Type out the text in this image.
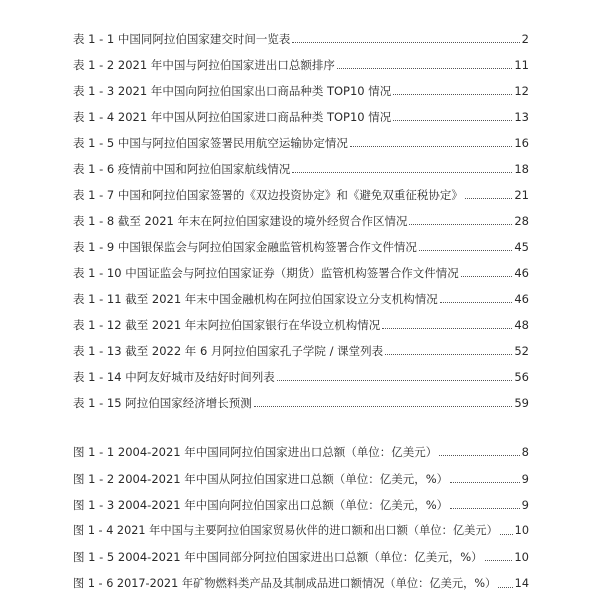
表 1 - 1 中国同阿拉伯国家建交时间一览表	2
表 1 - 2 2021 年中国与阿拉伯国家进出口总额排序	11
表 1 - 3 2021 年中国向阿拉伯国家出口商品种类 TOP10 情况	12
表 1 - 4 2021 年中国从阿拉伯国家进口商品种类 TOP10 情况	13
表 1 - 5 中国与阿拉伯国家签署民用航空运输协定情况	16
表 1 - 6 疫情前中国和阿拉伯国家航线情况	18
表 1 - 7 中国和阿拉伯国家签署的《双边投资协定》和《避免双重征税协定》	21
表 1 - 8 截至 2021 年末在阿拉伯国家建设的境外经贸合作区情况	28
表 1 - 9 中国银保监会与阿拉伯国家金融监管机构签署合作文件情况	45
表 1 - 10 中国证监会与阿拉伯国家证券（期货）监管机构签署合作文件情况	46
表 1 - 11 截至 2021 年末中国金融机构在阿拉伯国家设立分支机构情况	46
表 1 - 12 截至 2021 年末阿拉伯国家银行在华设立机构情况	48
表 1 - 13 截至 2022 年 6 月阿拉伯国家孔子学院 / 课堂列表	52
表 1 - 14 中阿友好城市及结好时间列表	56
表 1 - 15 阿拉伯国家经济增长预测	59
图 1 - 1 2004-2021 年中国同阿拉伯国家进出口总额（单位：亿美元）	8
图 1 - 2 2004-2021 年中国从阿拉伯国家进口总额（单位：亿美元，%）	9
图 1 - 3 2004-2021 年中国向阿拉伯国家出口总额（单位：亿美元，%）	9
图 1 - 4 2021 年中国与主要阿拉伯国家贸易伙伴的进口额和出口额（单位：亿美元） 10
图 1 - 5 2004-2021 年中国同部分阿拉伯国家进出口总额（单位：亿美元，%）	10
图 1 - 6 2017-2021 年矿物燃料类产品及其制成品进口额情况（单位：亿美元，%） 14
